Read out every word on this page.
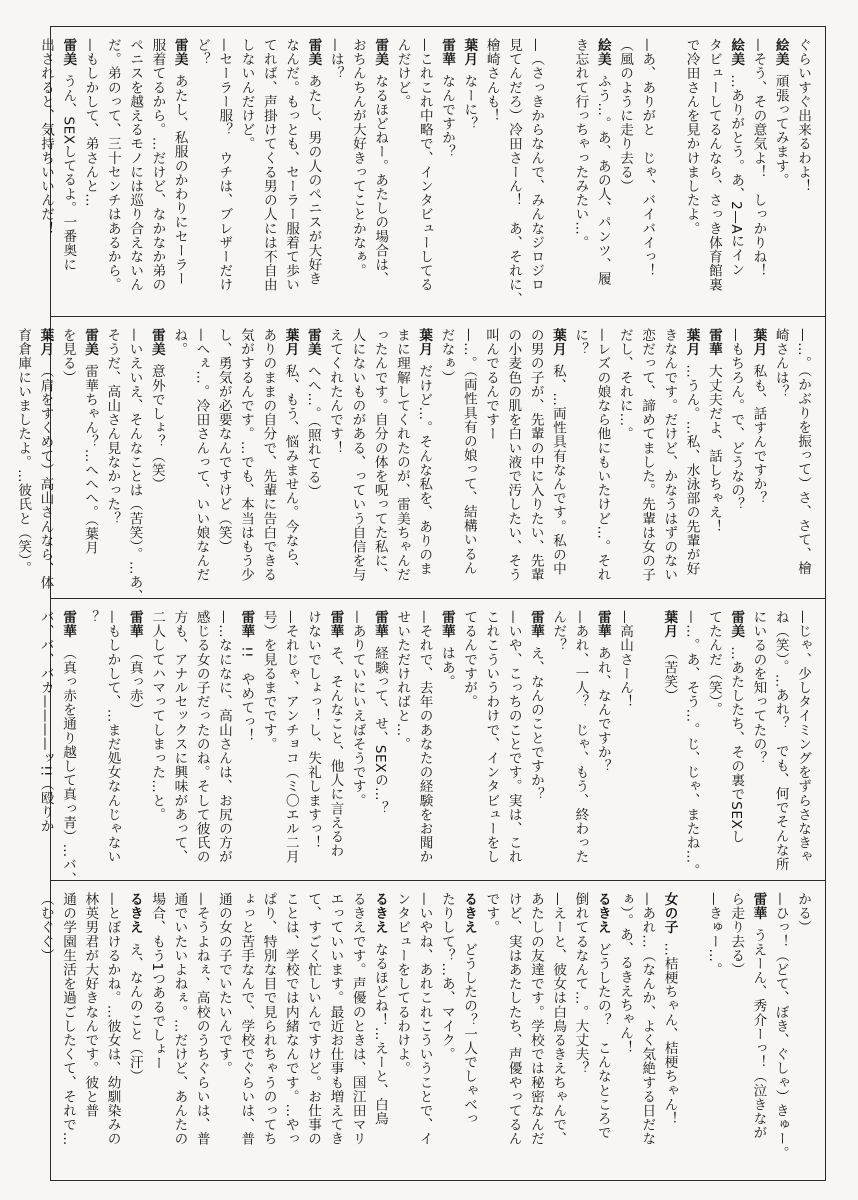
ぐらいすぐ出来るわよ！
絵美頑張ってみます。
—そう、その意気よ！　しっかりね！
絵美…ありがとう。あ、2—Aにイン
タビューしてるんなら、さっき体育館裏
で冷田さんを見かけましたよ。
—あ、ありがと　じゃ、バイバイっ！
（風のように走り去る）
絵美ふう…。あ、あの人、パンツ、履
き忘れて行っちゃったみたい…。
—（さっきからなんで、みんなジロジロ
見てんだろ）冷田さーん！　あ、それに、
檜崎さんも！
葉月なーに？
雷華なんですか？
—これこれ中略で、インタビューしてる
んだけど。
雷美なるほどねー。あたしの場合は、
おちんちんが大好きってことかなぁ。
—は？
雷美あたし、男の人のペニスが大好き
なんだ。もっとも、セーラー服着て歩い
てれば、声掛けてくる男の人には不自由
しないんだけど。
—セーラー服？　ウチは、ブレザーだけ
ど？
雷美あたし、私服のかわりにセーラー
服着てるから。…だけど、なかなか弟の
ペニスを越えるモノには巡り合えないん
だ。弟のって、三十センチはあるから。
—もしかして、弟さんと…
雷美うん、SEXしてるよ。一番奥に
出されると、気持ちいいんだ！
—…。（かぶりを振って）さ、さて、檜
崎さんは？
葉月私も、話すんですか？
—もちろん。で、どうなの？
雷華大丈夫だよ、話しちゃえ！
葉月…うん。…私、水泳部の先輩が好
きなんです。だけど、かなうはずのない
恋だって、諦めてました。先輩は女の子
だし、それに…。
—レズの娘なら他にもいたけど…。それ
に？
葉月私、…両性具有なんです。私の中
の男の子が、先輩の中に入りたい、先輩
の小麦色の肌を白い液で汚したい、そう
叫んでるんですー
—…。（両性具有の娘って、結構いるん
だなぁ）
葉月だけど…。そんな私を、ありのま
まに理解してくれたのが、雷美ちゃんだ
ったんです。自分の体を呪ってた私に、
人にないものがある、っていう自信を与
えてくれたんです！
雷美へへ…。（照れてる）
葉月私、もう、悩みません。今なら、
ありのままの自分で、先輩に告白できる
気がするんです。…でも、本当はもう少
し、勇気が必要なんですけど（笑）
—へぇ…。冷田さんって、いい娘なんだ
ね。
雷美意外でしょ？（笑）
—いえいえ、そんなことは（苦笑）。…あ、
そうだ、高山さん見なかった？
雷美雷華ちゃん？…へへへ。（葉月
を見る）
葉月（肩をすくめて）高山さんなら、体
育倉庫にいましたよ。…彼氏と（笑）。
—じゃ、少しタイミングをずらさなきゃ
ね（笑）。…あれ？　でも、何でそんな所
にいるのを知ってたの？
雷美…あたしたち、その裏でSEXし
てたんだ（笑）。
—…。あ、そう…。じ、じゃ、またね…。
葉月（苦笑）
—高山さーん！
雷華あれ、なんですか？
—あれ、一人？　じゃ、もう、終わった
んだ？
雷華え、なんのことですか？
—いや、こっちのことです。実は、これ
これこういうわけで、インタビューをし
てるんですが。
雷華はあ。
—それで、去年のあなたの経験をお聞か
せいただければと…。
雷華経験って、せ、SEXの…？
—ありていにいえばそうです。
雷華そ、そんなこと、他人に言えるわ
けないでしょっ！し、失礼しますっ！
—それじゃ、アンチョコ（ミ〇エル二月
号）を見るまでです。
雷華!!　やめてっ！
—…なになに、高山さんは、お尻の方が
感じる女の子だったのね。そして彼氏の
方も、アナルセックスに興味があって、
二人してハマってしまった…と。
雷華（真っ赤）
—もしかして、…まだ処女なんじゃない
？
雷華（真っ赤を通り越して真っ青）…バ、
バ、バ、バカ————ッ!!（殴りか
かる）
—ひっ！（どて、ぼき、ぐしゃ）きゅー。
雷華うえーん、秀介ーっ！（泣きなが
ら走り去る）
—きゅー…。
女の子…桔梗ちゃん、桔梗ちゃん！
—あれ…（なんか、よく気絶する日だな
ぁ）。あ、るきえちゃん！
るきえどうしたの？　こんなところで
倒れてるなんて…。大丈夫？
—えーと、彼女は白鳥るきえちゃんで、
あたしの友達です。学校では秘密なんだ
けど、実はあたしたち、声優やってるん
です。
るきえどうしたの？一人でしゃべっ
たりして？…あ、マイク。
—いやね、あれこれこういうことで、イ
ンタビューをしてるわけよ。
るきえなるほどね！…えーと、白鳥
るきえです。声優のときは、国江田マリ
エっていいます。最近お仕事も増えてき
て、すごく忙しいんですけど。お仕事の
ことは、学校では内緒なんです。…やっ
ぱり、特別な目で見られちゃうのってち
ょっと苦手なんで、学校でぐらいは、普
通の女の子でいたいんです。
—そうよねぇ、高校のうちぐらいは、普
通でいたいよねぇ。…だけど、あんたの
場合、もう1つあるでしょー
るきええ、なんのこと（汗）
—とぼけるかね。…彼女は、幼馴染みの
林英男君が大好きなんです。彼と普
通の学園生活を過ごしたくて、それで…
（むぐぐ）
